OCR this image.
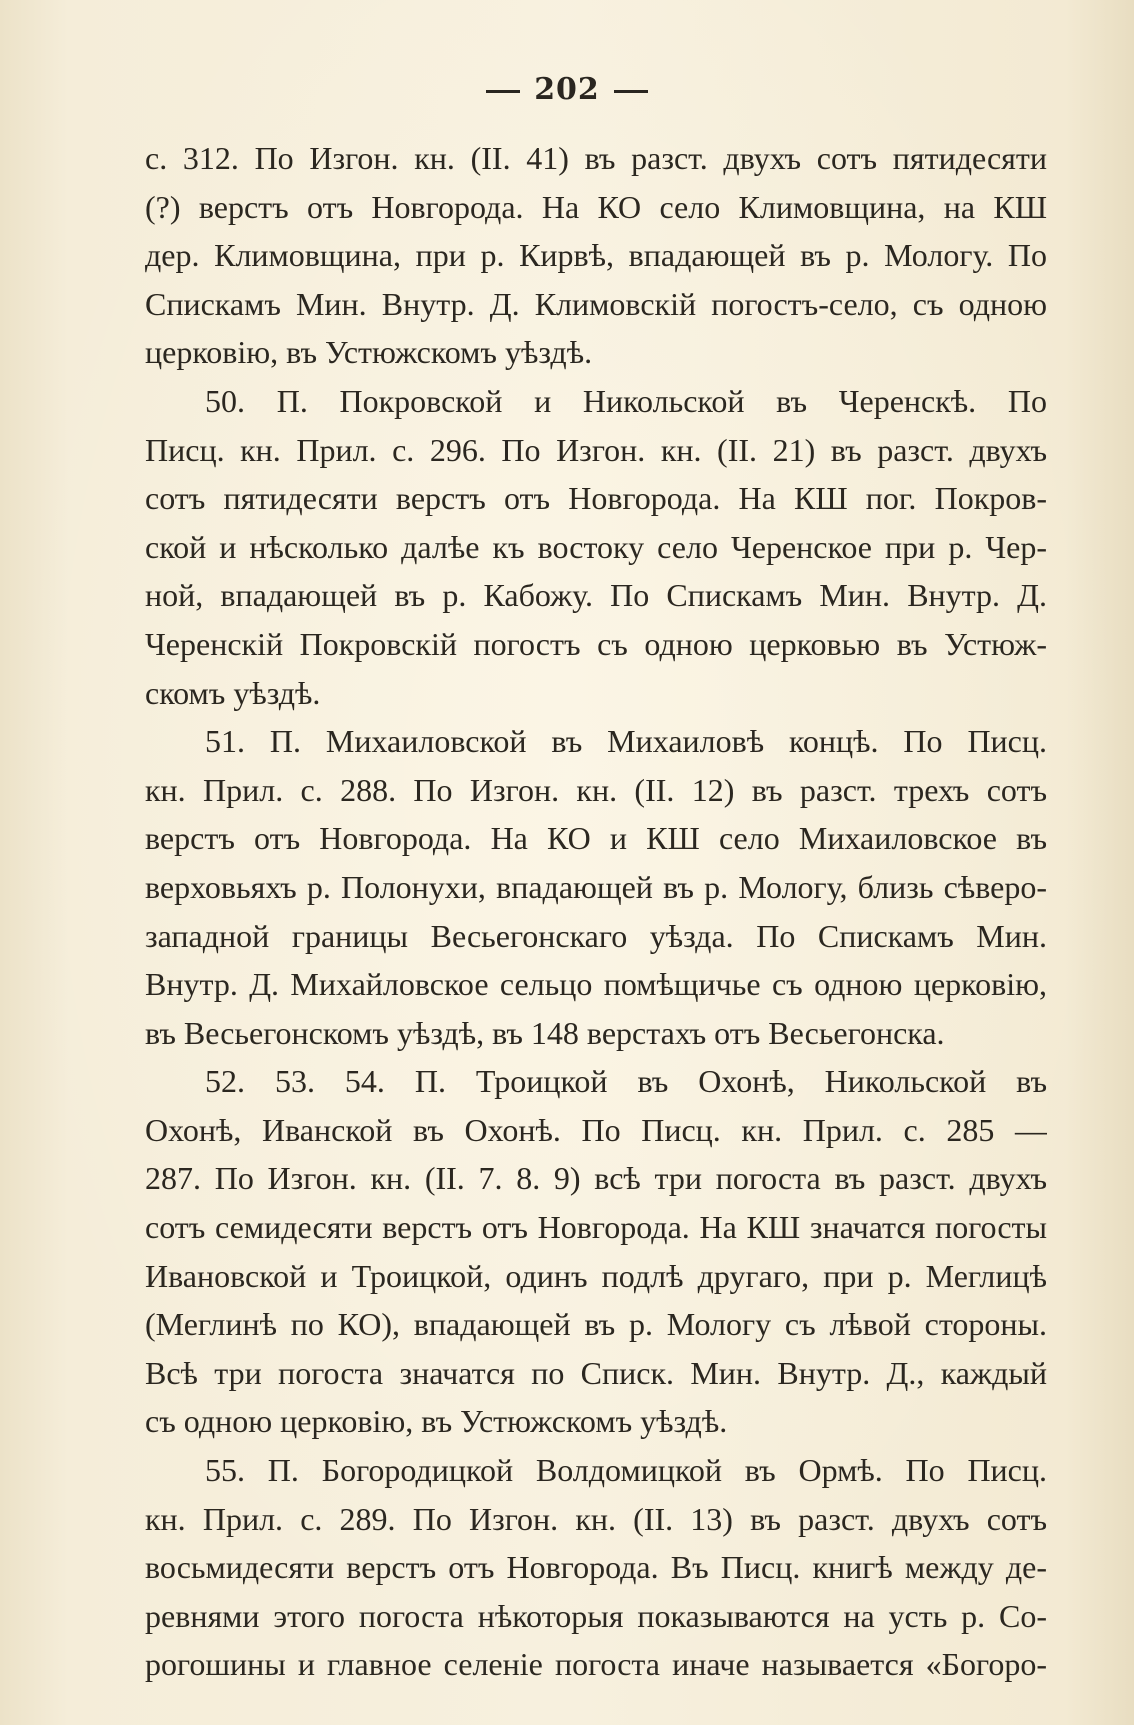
202
с. 312. По Изгон. кн. (II. 41) въ разст. двухъ сотъ пятидесяти
(?) верстъ отъ Новгорода. На КО село Климовщина, на КШ
дер. Климовщина, при р. Кирвѣ, впадающей въ р. Мологу. По
Спискамъ Мин. Внутр. Д. Климовскій погостъ-село, съ одною
церковію, въ Устюжскомъ уѣздѣ.
50. П. Покровской и Никольской въ Черенскѣ. По
Писц. кн. Прил. с. 296. По Изгон. кн. (II. 21) въ разст. двухъ
сотъ пятидесяти верстъ отъ Новгорода. На КШ пог. Покров-
ской и нѣсколько далѣе къ востоку село Черенское при р. Чер-
ной, впадающей въ р. Кабожу. По Спискамъ Мин. Внутр. Д.
Черенскій Покровскій погостъ съ одною церковью въ Устюж-
скомъ уѣздѣ.
51. П. Михаиловской въ Михаиловѣ концѣ. По Писц.
кн. Прил. с. 288. По Изгон. кн. (II. 12) въ разст. трехъ сотъ
верстъ отъ Новгорода. На КО и КШ село Михаиловское въ
верховьяхъ р. Полонухи, впадающей въ р. Мологу, близь сѣверо-
западной границы Весьегонскаго уѣзда. По Спискамъ Мин.
Внутр. Д. Михайловское сельцо помѣщичье съ одною церковію,
въ Весьегонскомъ уѣздѣ, въ 148 верстахъ отъ Весьегонска.
52. 53. 54. П. Троицкой въ Охонѣ, Никольской въ
Охонѣ, Иванской въ Охонѣ. По Писц. кн. Прил. с. 285 —
287. По Изгон. кн. (II. 7. 8. 9) всѣ три погоста въ разст. двухъ
сотъ семидесяти верстъ отъ Новгорода. На КШ значатся погосты
Ивановской и Троицкой, одинъ подлѣ другаго, при р. Меглицѣ
(Меглинѣ по КО), впадающей въ р. Мологу съ лѣвой стороны.
Всѣ три погоста значатся по Списк. Мин. Внутр. Д., каждый
съ одною церковію, въ Устюжскомъ уѣздѣ.
55. П. Богородицкой Волдомицкой въ Ормѣ. По Писц.
кн. Прил. с. 289. По Изгон. кн. (II. 13) въ разст. двухъ сотъ
восьмидесяти верстъ отъ Новгорода. Въ Писц. книгѣ между де-
ревнями этого погоста нѣкоторыя показываются на усть р. Со-
рогошины и главное селеніе погоста иначе называется «Богоро-
